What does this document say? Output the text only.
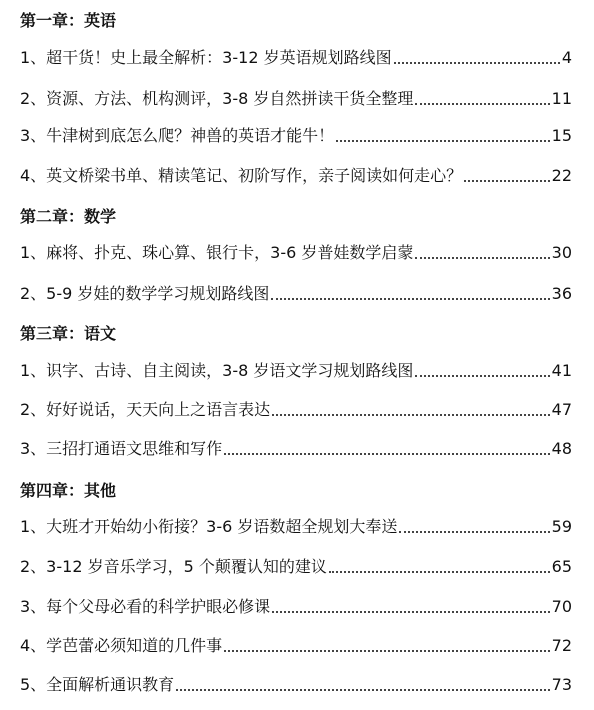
第一章：英语
1、超干货！史上最全解析：3-12 岁英语规划路线图	4
2、资源、方法、机构测评，3-8 岁自然拼读干货全整理	11
3、牛津树到底怎么爬？神兽的英语才能牛！	15
4、英文桥梁书单、精读笔记、初阶写作，亲子阅读如何走心？	22
第二章：数学
1、麻将、扑克、珠心算、银行卡，3-6 岁普娃数学启蒙	30
2、5-9 岁娃的数学学习规划路线图	36
第三章：语文
1、识字、古诗、自主阅读，3-8 岁语文学习规划路线图	41
2、好好说话，天天向上之语言表达	47
3、三招打通语文思维和写作	48
第四章：其他
1、大班才开始幼小衔接？3-6 岁语数超全规划大奉送	59
2、3-12 岁音乐学习，5 个颠覆认知的建议	65
3、每个父母必看的科学护眼必修课	70
4、学芭蕾必须知道的几件事	72
5、全面解析通识教育	73
